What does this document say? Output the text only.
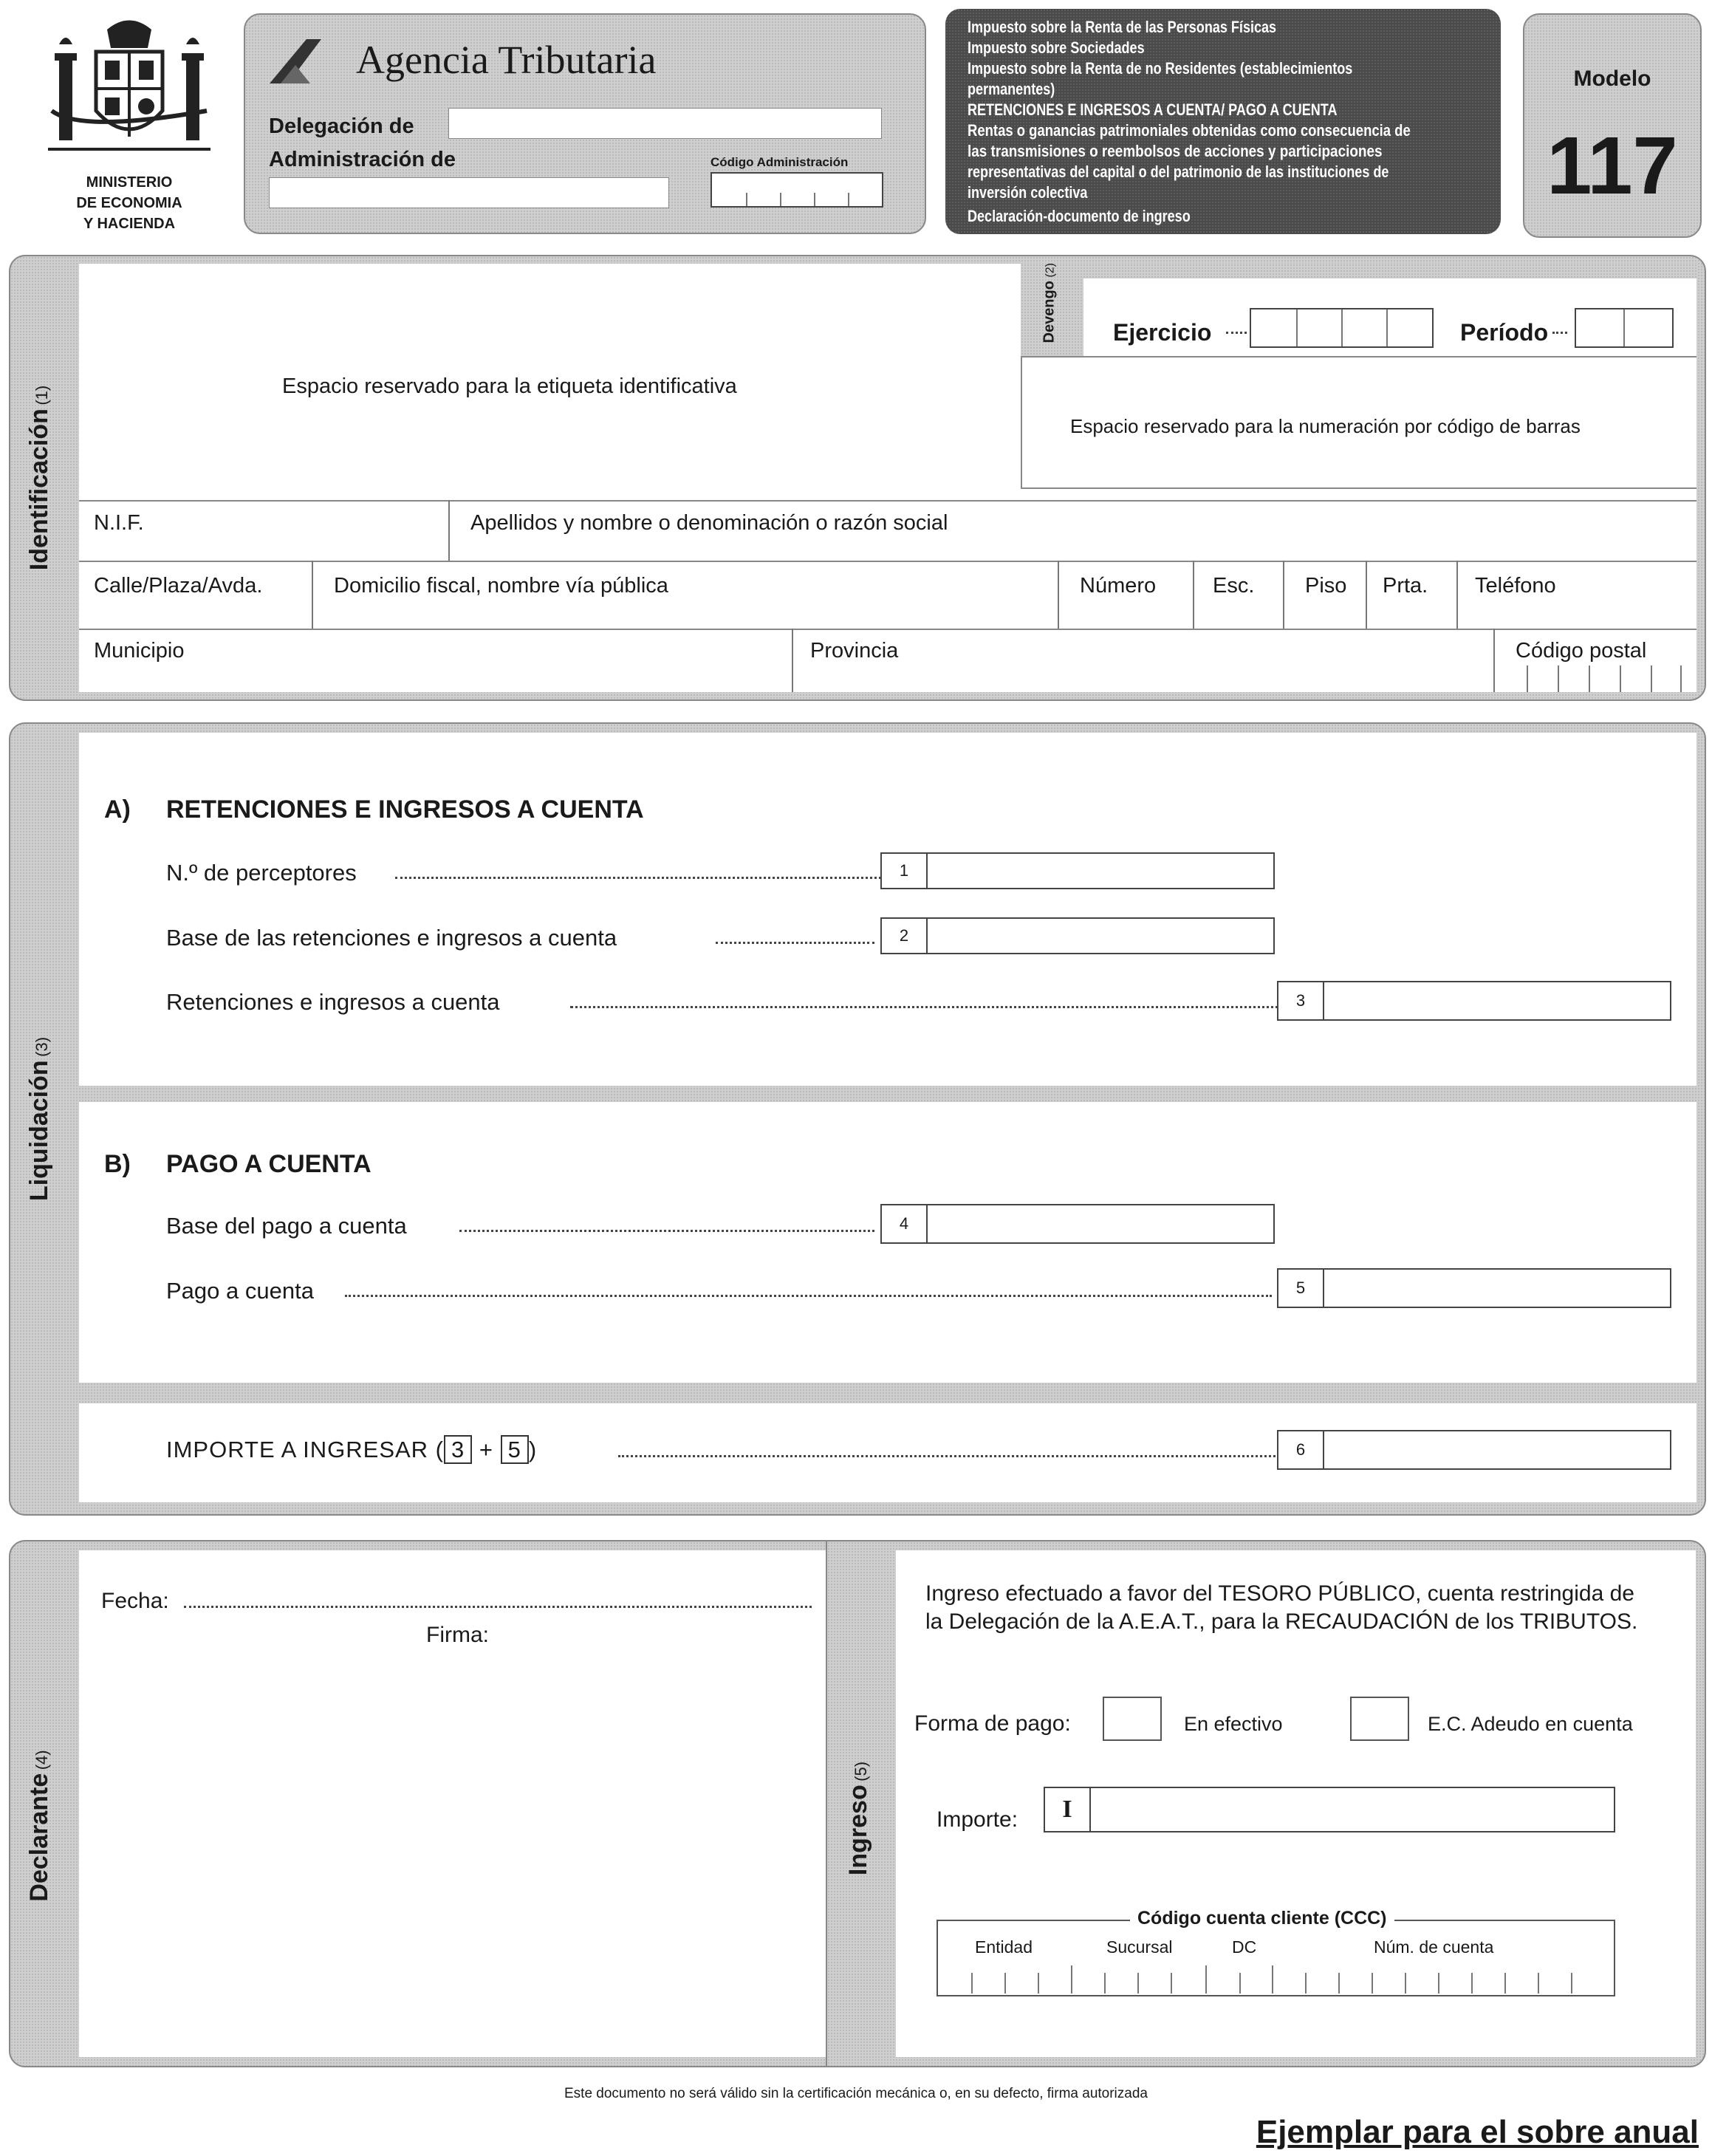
MINISTERIO
DE ECONOMIA
Y HACIENDA
Agencia Tributaria
Delegación de
Administración de	Código Administración
Impuesto sobre la Renta de las Personas Físicas
Impuesto sobre Sociedades
Impuesto sobre la Renta de no Residentes (establecimientos
permanentes)
RETENCIONES E INGRESOS A CUENTA/ PAGO A CUENTA
Rentas o ganancias patrimoniales obtenidas como consecuencia de
las transmisiones o reembolsos de acciones y participaciones
representativas del capital o del patrimonio de las instituciones de
inversión colectiva
Declaración-documento de ingreso
Modelo
117
Identificación (1)
Devengo (2)
Ejercicio	Período
Espacio reservado para la numeración por código de barras
Espacio reservado para la etiqueta identificativa
N.I.F.	Apellidos y nombre o denominación o razón social
Calle/Plaza/Avda.	Domicilio fiscal, nombre vía pública	Número	Esc. Piso Prta. Teléfono
Municipio	Provincia	Código postal
Liquidación (3)
A) RETENCIONES E INGRESOS A CUENTA
N.º de perceptores	1
Base de las retenciones e ingresos a cuenta	2
Retenciones e ingresos a cuenta	3
B) PAGO A CUENTA
Base del pago a cuenta	4
Pago a cuenta	5
IMPORTE A INGRESAR ( 3 + 5 )	6
Declarante (4)
Fecha:
Firma:
Ingreso (5)
Ingreso efectuado a favor del TESORO PÚBLICO, cuenta restringida de
la Delegación de la A.E.A.T., para la RECAUDACIÓN de los TRIBUTOS.
Forma de pago:	En efectivo	E.C. Adeudo en cuenta
Importe:	I
Código cuenta cliente (CCC)
Entidad	Sucursal	DC	Núm. de cuenta
Este documento no será válido sin la certificación mecánica o, en su defecto, firma autorizada
Ejemplar para el sobre anual
